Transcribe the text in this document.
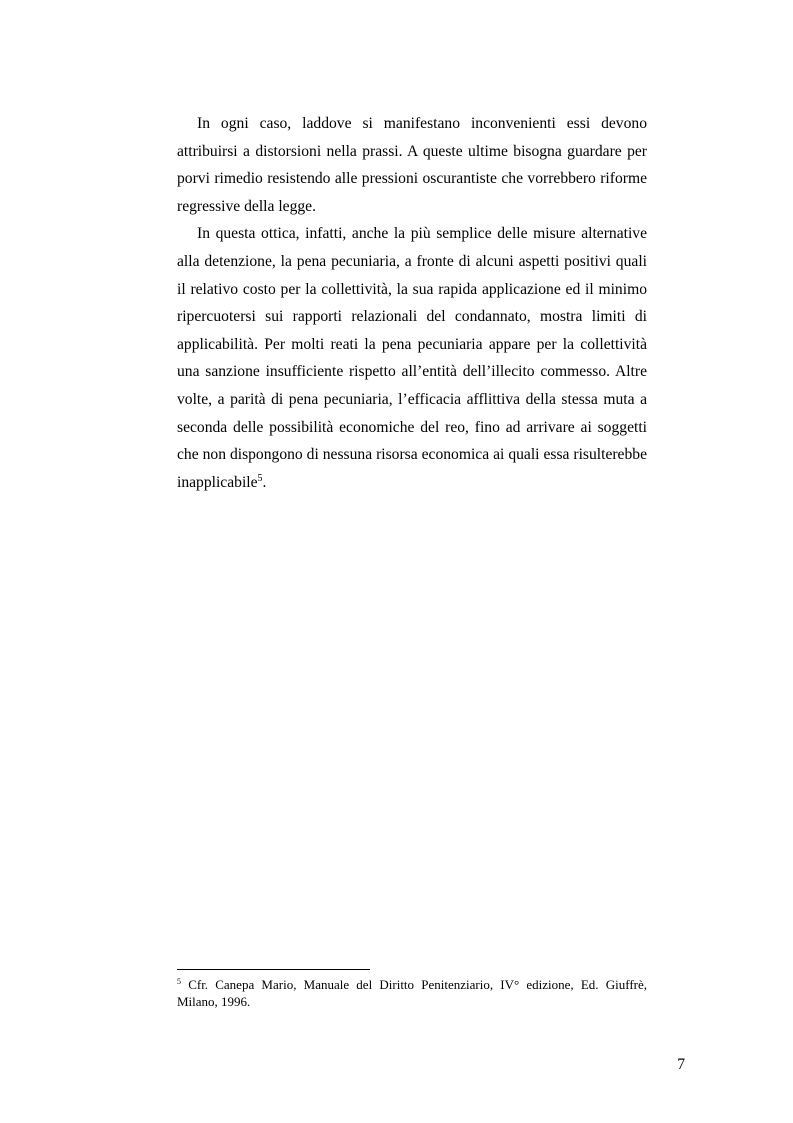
In ogni caso, laddove si manifestano inconvenienti essi devono attribuirsi a distorsioni nella prassi. A queste ultime bisogna guardare per porvi rimedio resistendo alle pressioni oscurantiste che vorrebbero riforme regressive della legge.

In questa ottica, infatti, anche la più semplice delle misure alternative alla detenzione, la pena pecuniaria, a fronte di alcuni aspetti positivi quali il relativo costo per la collettività, la sua rapida applicazione ed il minimo ripercuotersi sui rapporti relazionali del condannato, mostra limiti di applicabilità. Per molti reati la pena pecuniaria appare per la collettività una sanzione insufficiente rispetto all’entità dell’illecito commesso. Altre volte, a parità di pena pecuniaria, l’efficacia afflittiva della stessa muta a seconda delle possibilità economiche del reo, fino ad arrivare ai soggetti che non dispongono di nessuna risorsa economica ai quali essa risulterebbe inapplicabile$^5$.

$^5$ Cfr. Canepa Mario, Manuale del Diritto Penitenziario, IV° edizione, Ed. Giuffrè, Milano, 1996.
7
